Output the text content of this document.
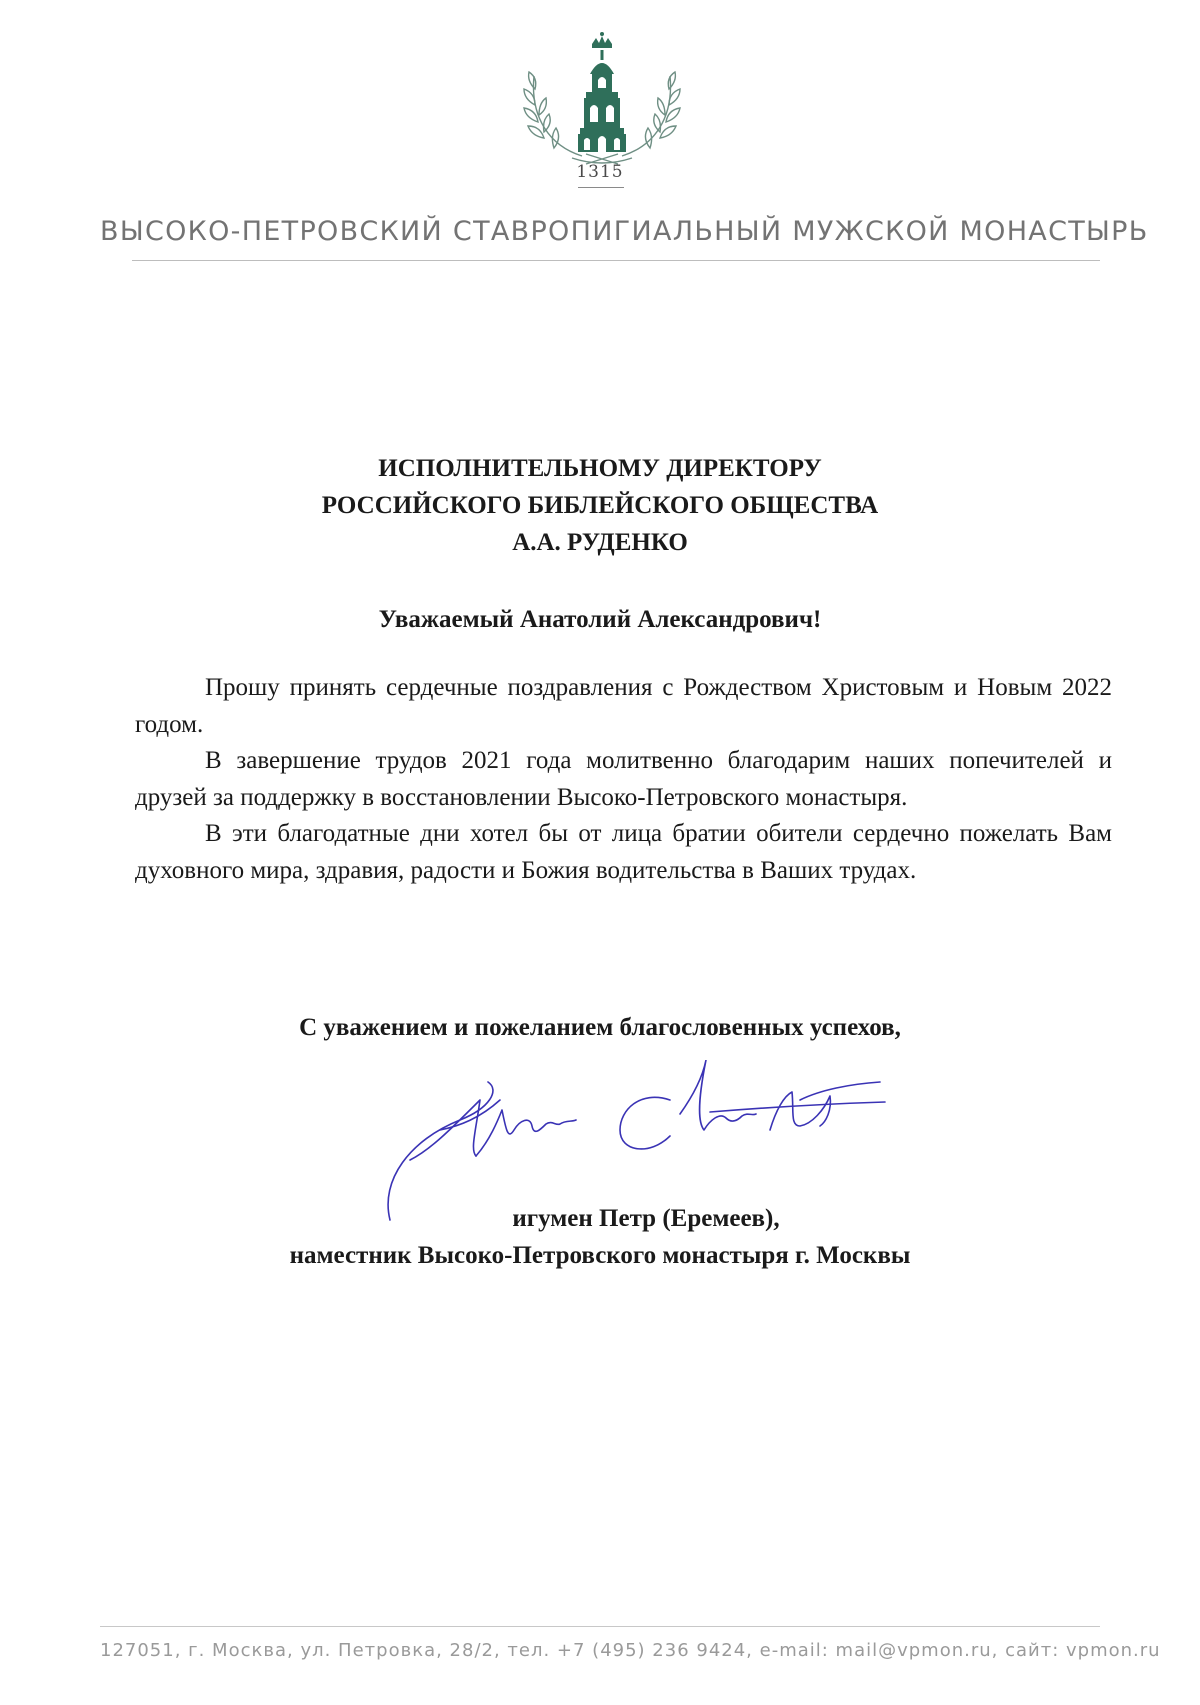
1315
ВЫСОКО-ПЕТРОВСКИЙ СТАВРОПИГИАЛЬНЫЙ МУЖСКОЙ МОНАСТЫРЬ
ИСПОЛНИТЕЛЬНОМУ ДИРЕКТОРУ
РОССИЙСКОГО БИБЛЕЙСКОГО ОБЩЕСТВА
А.А. РУДЕНКО
Уважаемый Анатолий Александрович!

Прошу принять сердечные поздравления с Рождеством Христовым и Новым 2022 годом.

В завершение трудов 2021 года молитвенно благодарим наших попечителей и друзей за поддержку в восстановлении Высоко-Петровского монастыря.

В эти благодатные дни хотел бы от лица братии обители сердечно пожелать Вам духовного мира, здравия, радости и Божия водительства в Ваших трудах.

С уважением и пожеланием благословенных успехов,
игумен Петр (Еремеев),
наместник Высоко-Петровского монастыря г. Москвы
127051, г. Москва, ул. Петровка, 28/2, тел. +7 (495) 236 9424, e-mail: mail@vpmon.ru, сайт: vpmon.ru
